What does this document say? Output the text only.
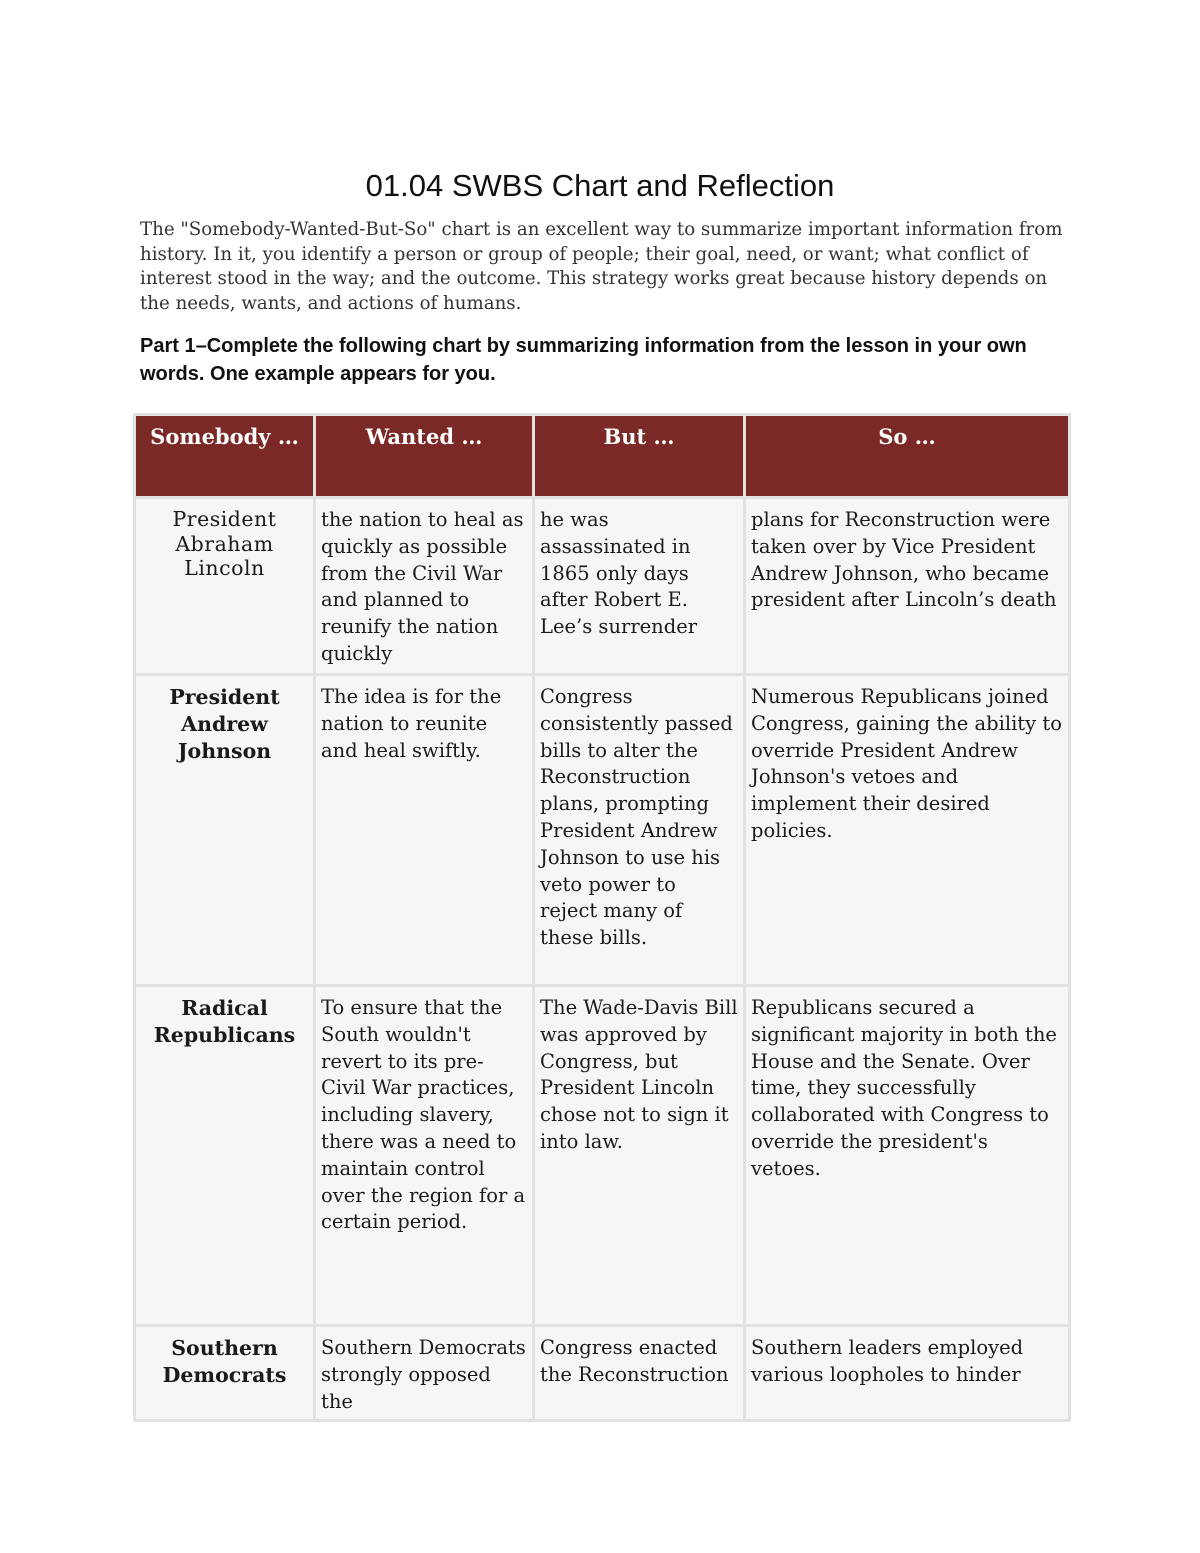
01.04 SWBS Chart and Reflection
The "Somebody-Wanted-But-So" chart is an excellent way to summarize important information from history. In it, you identify a person or group of people; their goal, need, or want; what conflict of interest stood in the way; and the outcome. This strategy works great because history depends on the needs, wants, and actions of humans.
Part 1–Complete the following chart by summarizing information from the lesson in your own words. One example appears for you.
Somebody …	Wanted …	But …	So …
President Abraham Lincoln	the nation to heal as quickly as possible from the Civil War and planned to reunify the nation quickly	he was assassinated in 1865 only days after Robert E. Lee’s surrender	plans for Reconstruction were taken over by Vice President Andrew Johnson, who became president after Lincoln’s death
President Andrew Johnson	The idea is for the nation to reunite and heal swiftly.	Congress consistently passed bills to alter the Reconstruction plans, prompting President Andrew Johnson to use his veto power to reject many of these bills.	Numerous Republicans joined Congress, gaining the ability to override President Andrew Johnson's vetoes and implement their desired policies.
Radical Republicans	To ensure that the South wouldn't revert to its pre-Civil War practices, including slavery, there was a need to maintain control over the region for a certain period.	The Wade-Davis Bill was approved by Congress, but President Lincoln chose not to sign it into law.	Republicans secured a significant majority in both the House and the Senate. Over time, they successfully collaborated with Congress to override the president's vetoes.
Southern Democrats	Southern Democrats strongly opposed the	Congress enacted the Reconstruction	Southern leaders employed various loopholes to hinder
